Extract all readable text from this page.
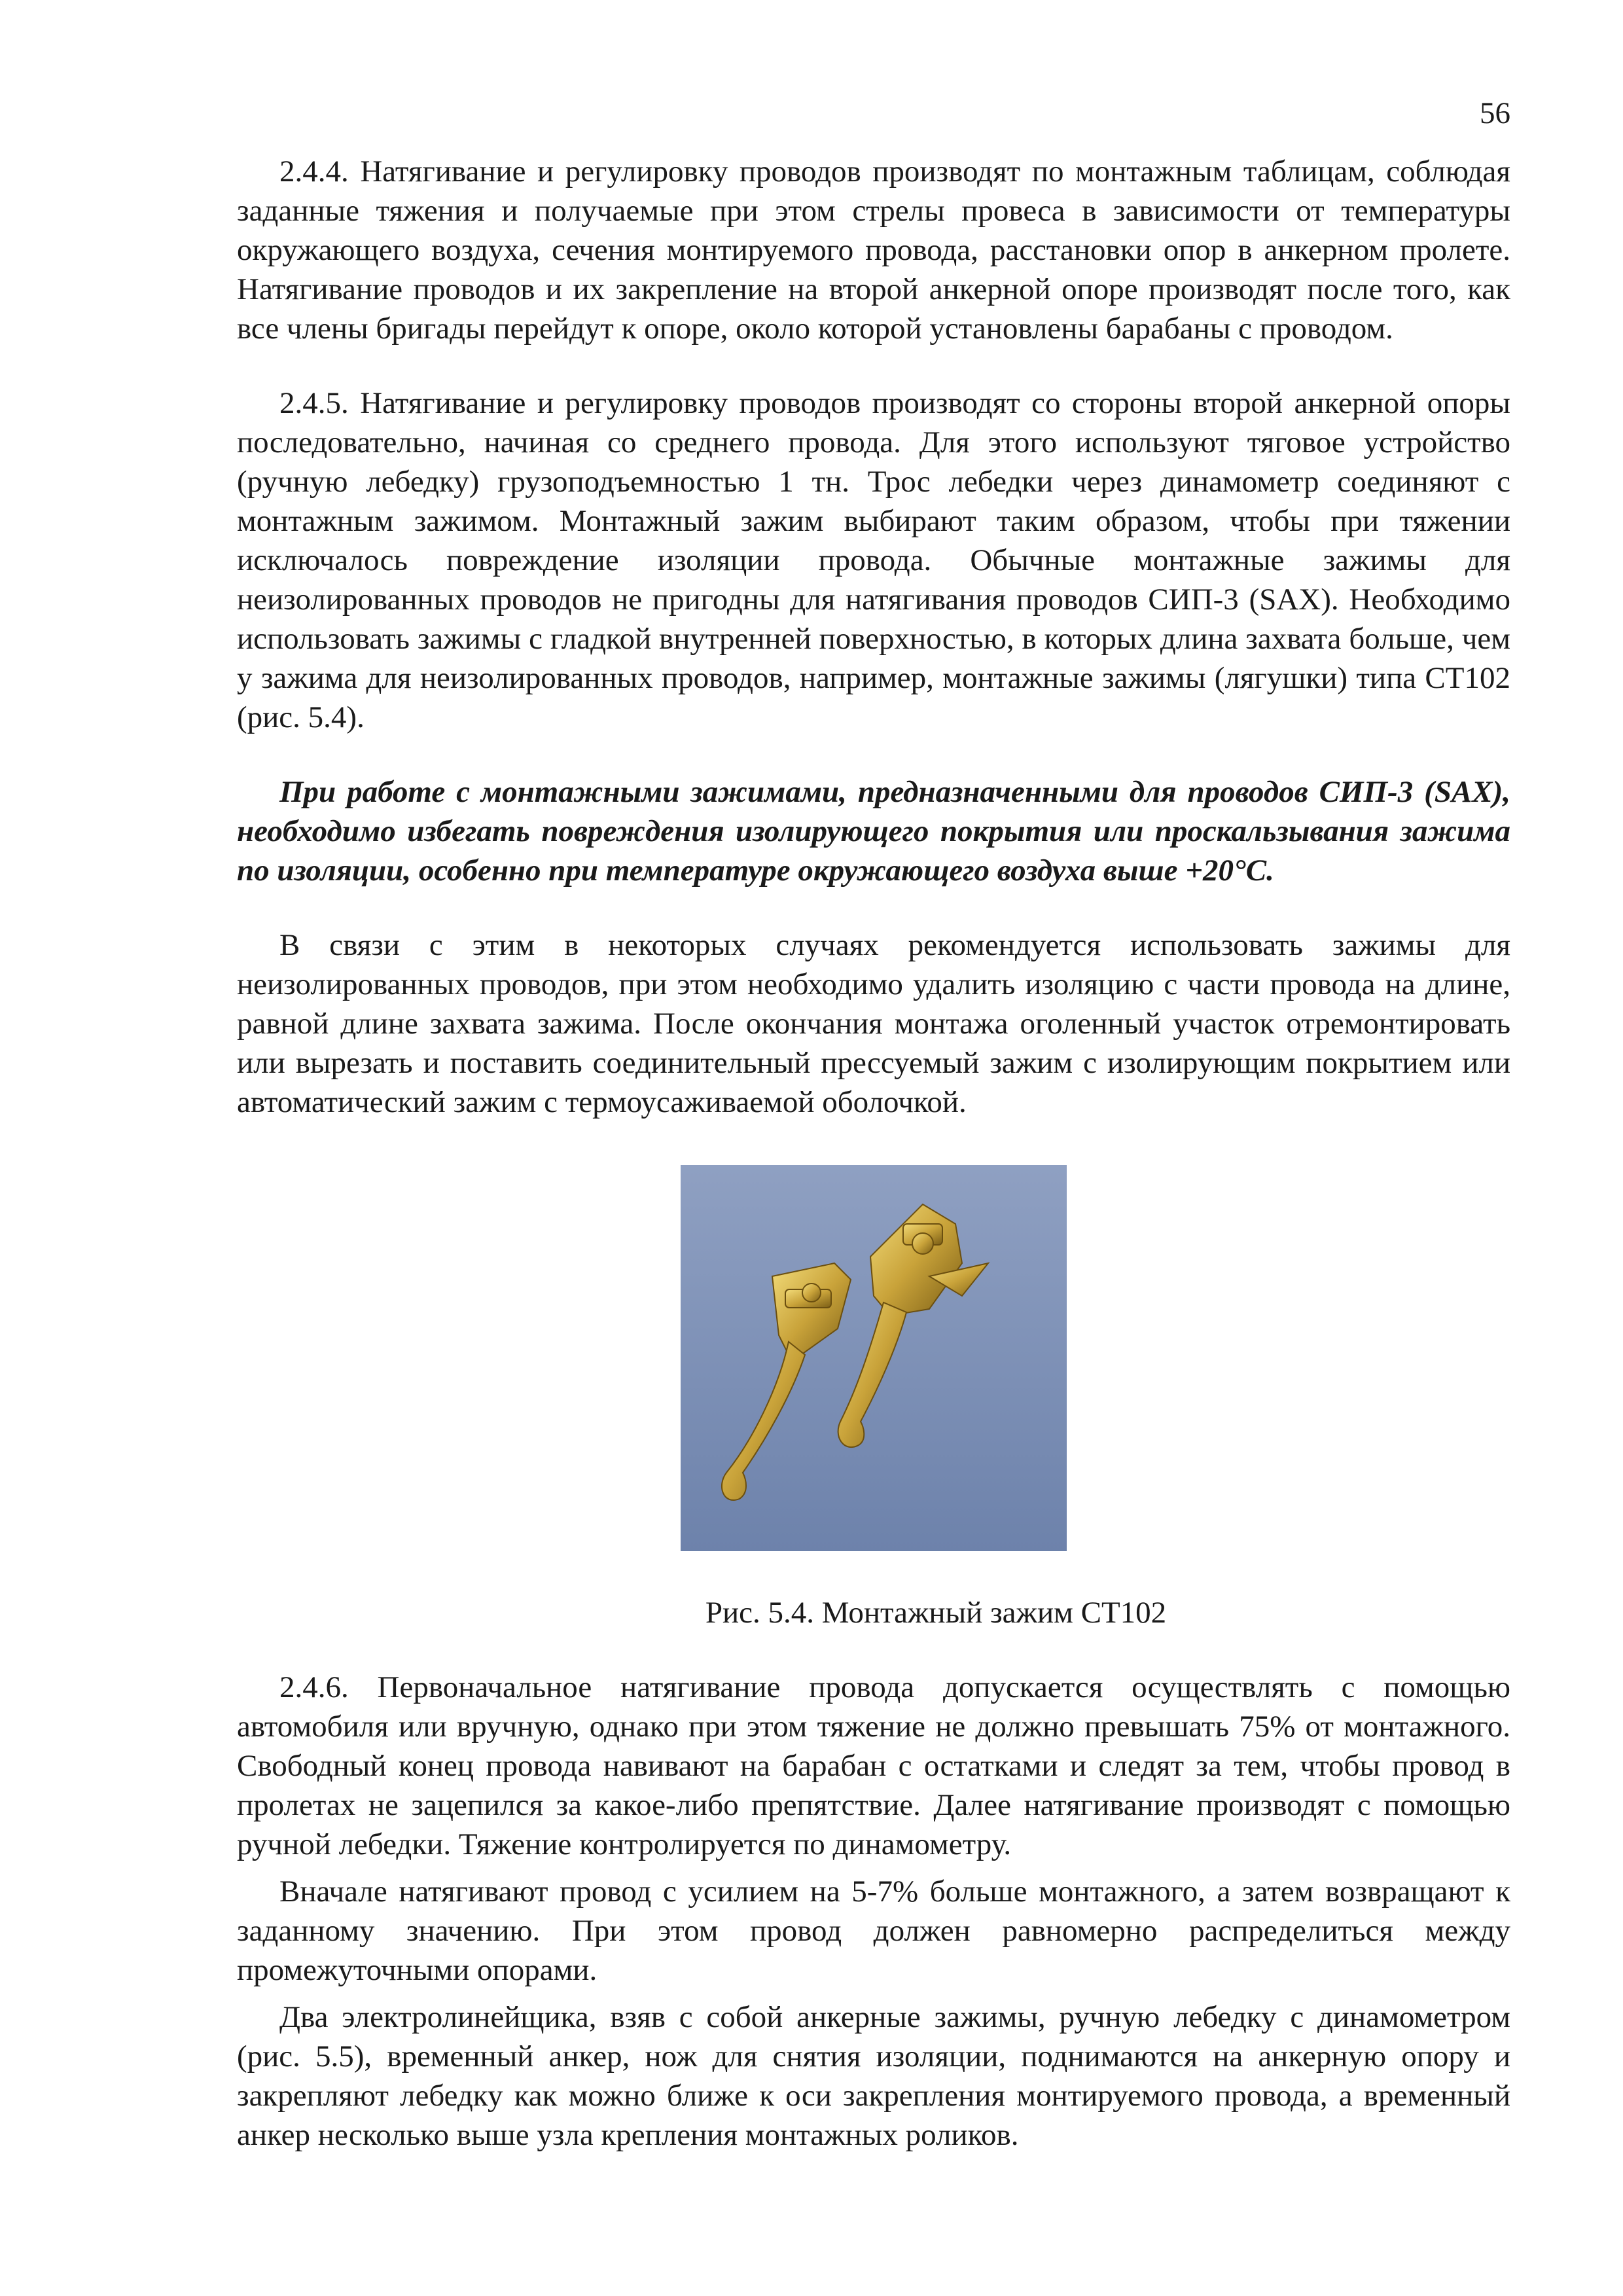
56

2.4.4. Натягивание и регулировку проводов производят по монтажным таблицам, соблюдая заданные тяжения и получаемые при этом стрелы провеса в зависимости от температуры окружающего воздуха, сечения монтируемого провода, расстановки опор в анкерном пролете. Натягивание проводов и их закрепление на второй анкерной опоре производят после того, как все члены бригады перейдут к опоре, около которой установлены барабаны с проводом.

2.4.5. Натягивание и регулировку проводов производят со стороны второй анкерной опоры последовательно, начиная со среднего провода. Для этого используют тяговое устройство (ручную лебедку) грузоподъемностью 1 тн. Трос лебедки через динамометр соединяют с монтажным зажимом. Монтажный зажим выбирают таким образом, чтобы при тяжении исключалось повреждение изоляции провода. Обычные монтажные зажимы для неизолированных проводов не пригодны для натягивания проводов СИП-3 (SAX). Необходимо использовать зажимы с гладкой внутренней поверхностью, в которых длина захвата больше, чем у зажима для неизолированных проводов, например, монтажные зажимы (лягушки) типа СТ102 (рис. 5.4).

При работе с монтажными зажимами, предназначенными для проводов СИП-3 (SAX), необходимо избегать повреждения изолирующего покрытия или проскальзывания зажима по изоляции, особенно при температуре окружающего воздуха выше +20°С.

В связи с этим в некоторых случаях рекомендуется использовать зажимы для неизолированных проводов, при этом необходимо удалить изоляцию с части провода на длине, равной длине захвата зажима. После окончания монтажа оголенный участок отремонтировать или вырезать и поставить соединительный прессуемый зажим с изолирующим покрытием или автоматический зажим с термоусаживаемой оболочкой.

Рис. 5.4. Монтажный зажим СТ102

2.4.6. Первоначальное натягивание провода допускается осуществлять с помощью автомобиля или вручную, однако при этом тяжение не должно превышать 75% от монтажного. Свободный конец провода навивают на барабан с остатками и следят за тем, чтобы провод в пролетах не зацепился за какое-либо препятствие. Далее натягивание производят с помощью ручной лебедки. Тяжение контролируется по динамометру.

Вначале натягивают провод с усилием на 5-7% больше монтажного, а затем возвращают к заданному значению. При этом провод должен равномерно распределиться между промежуточными опорами.

Два электролинейщика, взяв с собой анкерные зажимы, ручную лебедку с динамометром (рис. 5.5), временный анкер, нож для снятия изоляции, поднимаются на анкерную опору и закрепляют лебедку как можно ближе к оси закрепления монтируемого провода, а временный анкер несколько выше узла крепления монтажных роликов.
